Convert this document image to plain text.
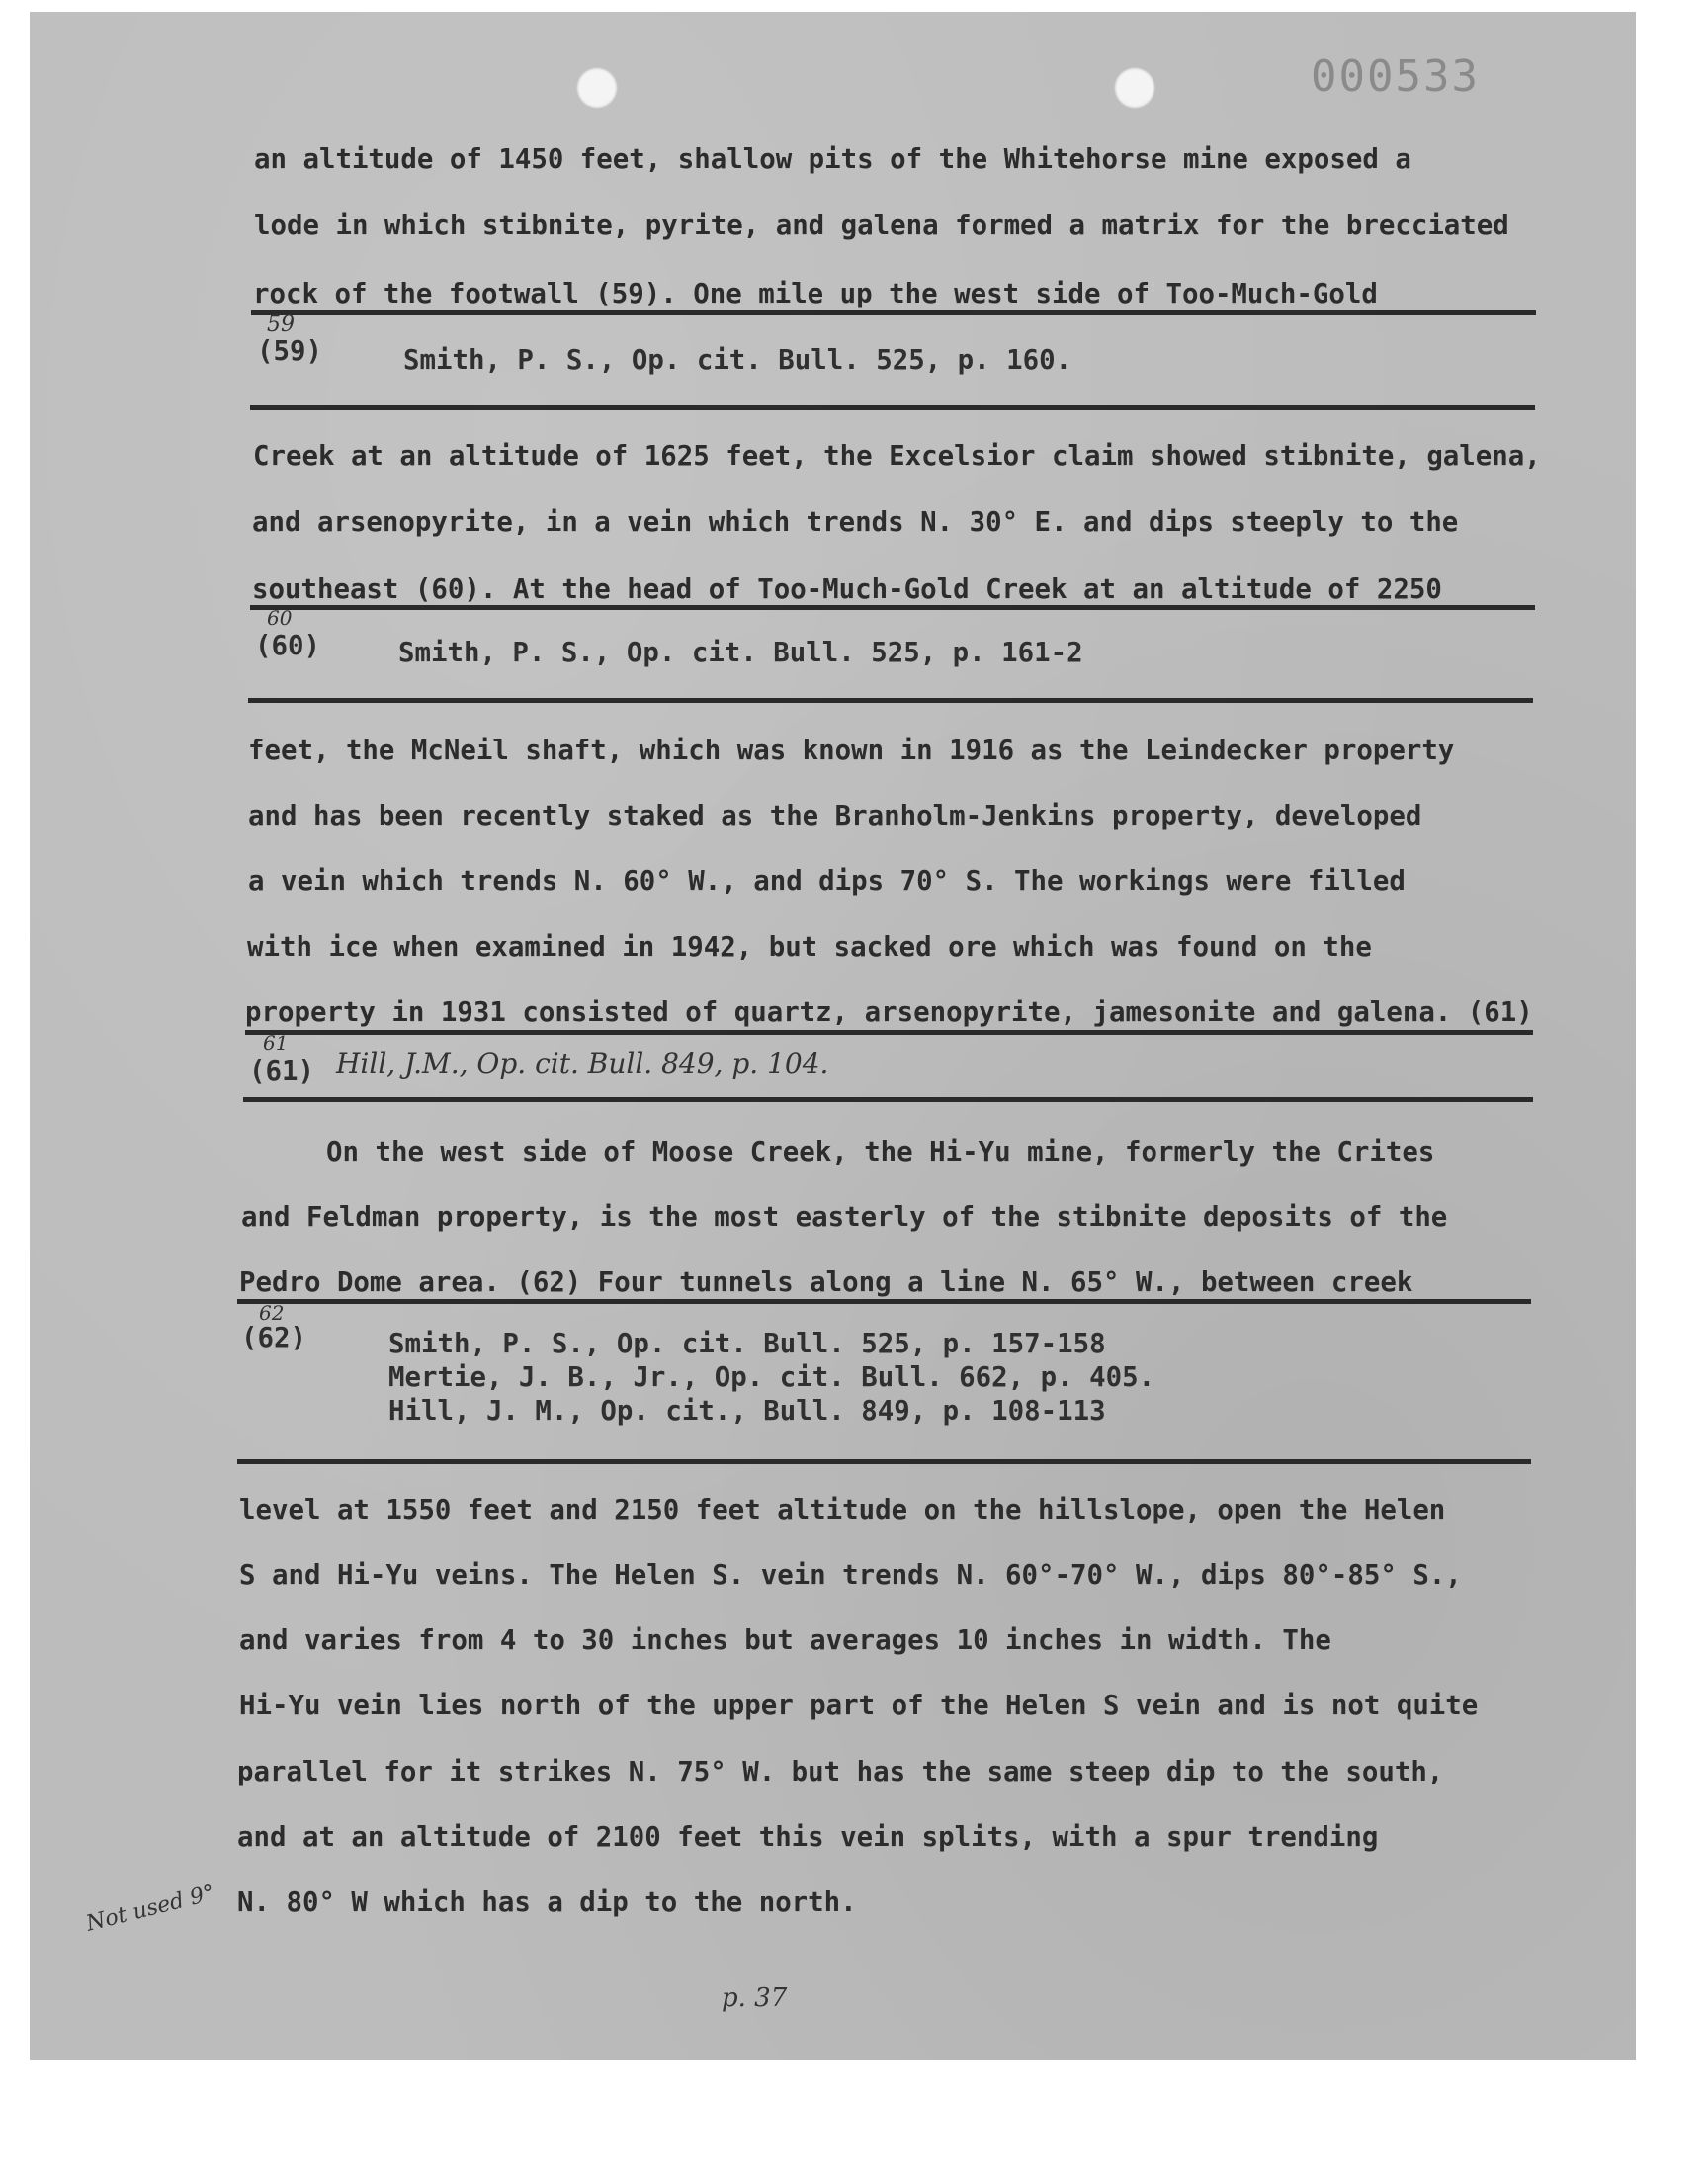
000533
an altitude of 1450 feet, shallow pits of the Whitehorse mine exposed a
lode in which stibnite, pyrite, and galena formed a matrix for the brecciated
rock of the footwall (59). One mile up the west side of Too-Much-Gold
59
(59)	Smith, P. S., Op. cit. Bull. 525, p. 160.
Creek at an altitude of 1625 feet, the Excelsior claim showed stibnite, galena,
and arsenopyrite, in a vein which trends N. 30° E. and dips steeply to the
southeast (60). At the head of Too-Much-Gold Creek at an altitude of 2250
60
(60)	Smith, P. S., Op. cit. Bull. 525, p. 161-2
feet, the McNeil shaft, which was known in 1916 as the Leindecker property
and has been recently staked as the Branholm-Jenkins property, developed
a vein which trends N. 60° W., and dips 70° S. The workings were filled
with ice when examined in 1942, but sacked ore which was found on the
property in 1931 consisted of quartz, arsenopyrite, jamesonite and galena. (61)
61
(61) Hill, J.M., Op. cit. Bull. 849, p. 104.
On the west side of Moose Creek, the Hi-Yu mine, formerly the Crites
and Feldman property, is the most easterly of the stibnite deposits of the
Pedro Dome area. (62) Four tunnels along a line N. 65° W., between creek
62
(62)	Smith, P. S., Op. cit. Bull. 525, p. 157-158
Mertie, J. B., Jr., Op. cit. Bull. 662, p. 405.
Hill, J. M., Op. cit., Bull. 849, p. 108-113
level at 1550 feet and 2150 feet altitude on the hillslope, open the Helen
S and Hi-Yu veins. The Helen S. vein trends N. 60°-70° W., dips 80°-85° S.,
and varies from 4 to 30 inches but averages 10 inches in width. The
Hi-Yu vein lies north of the upper part of the Helen S vein and is not quite
parallel for it strikes N. 75° W. but has the same steep dip to the south,
and at an altitude of 2100 feet this vein splits, with a spur trending
N. 80° W which has a dip to the north.
Not used 9°
p. 37
